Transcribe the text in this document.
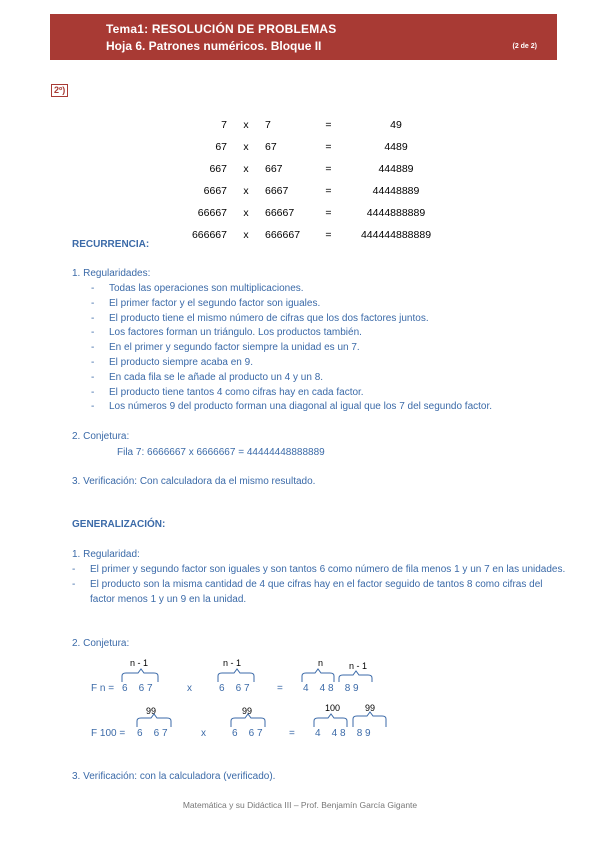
Tema1: RESOLUCIÓN DE PROBLEMAS
Hoja 6. Patrones numéricos. Bloque II	(2 de 2)
2º)
7	x	7	=	49
67	x	67	=	4489
667	x	667	=	444889
6667	x	6667	=	44448889
66667	x	66667	=	4444888889
666667	x	666667	=	444444888889
RECURRENCIA:
1. Regularidades:
- Todas las operaciones son multiplicaciones.
- El primer factor y el segundo factor son iguales.
- El producto tiene el mismo número de cifras que los dos factores juntos.
- Los factores forman un triángulo. Los productos también.
- En el primer y segundo factor siempre la unidad es un 7.
- El producto siempre acaba en 9.
- En cada fila se le añade al producto un 4 y un 8.
- El producto tiene tantos 4 como cifras hay en cada factor.
- Los números 9 del producto forman una diagonal al igual que los 7 del segundo factor.
2. Conjetura:
Fila 7: 6666667 x 6666667 = 44444448888889
3. Verificación: Con calculadora da el mismo resultado.
GENERALIZACIÓN:
1. Regularidad:
- El primer y segundo factor son iguales y son tantos 6 como número de fila menos 1 y un 7 en las unidades.
- El producto son la misma cantidad de 4 que cifras hay en el factor seguido de tantos 8 como cifras del factor menos 1 y un 9 en la unidad.
2. Conjetura:
F n = 6    6 7	x	6    6 7	= 4    4 8    8 9
n - 1	n - 1	n	n - 1
F 100 = 6    6 7	x	6    6 7	= 4    4 8    8 9
99	99	100	99
3. Verificación: con la calculadora (verificado).
Matemática y su Didáctica III – Prof. Benjamín García Gigante
